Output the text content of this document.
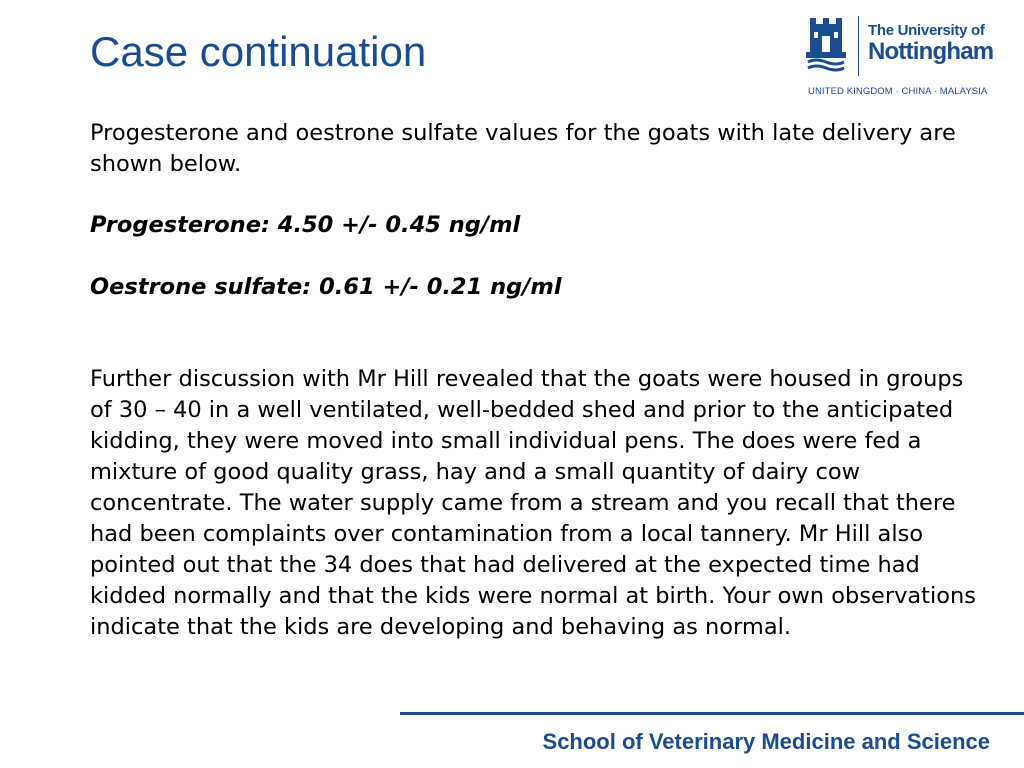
Case continuation	The University of
Nottingham
UNITED KINGDOM · CHINA · MALAYSIA

Progesterone and oestrone sulfate values for the goats with late delivery are shown below.

Progesterone: 4.50 +/- 0.45 ng/ml

Oestrone sulfate: 0.61 +/- 0.21 ng/ml

Further discussion with Mr Hill revealed that the goats were housed in groups of 30 – 40 in a well ventilated, well-bedded shed and prior to the anticipated kidding, they were moved into small individual pens. The does were fed a mixture of good quality grass, hay and a small quantity of dairy cow concentrate. The water supply came from a stream and you recall that there had been complaints over contamination from a local tannery. Mr Hill also pointed out that the 34 does that had delivered at the expected time had kidded normally and that the kids were normal at birth. Your own observations indicate that the kids are developing and behaving as normal.

School of Veterinary Medicine and Science
